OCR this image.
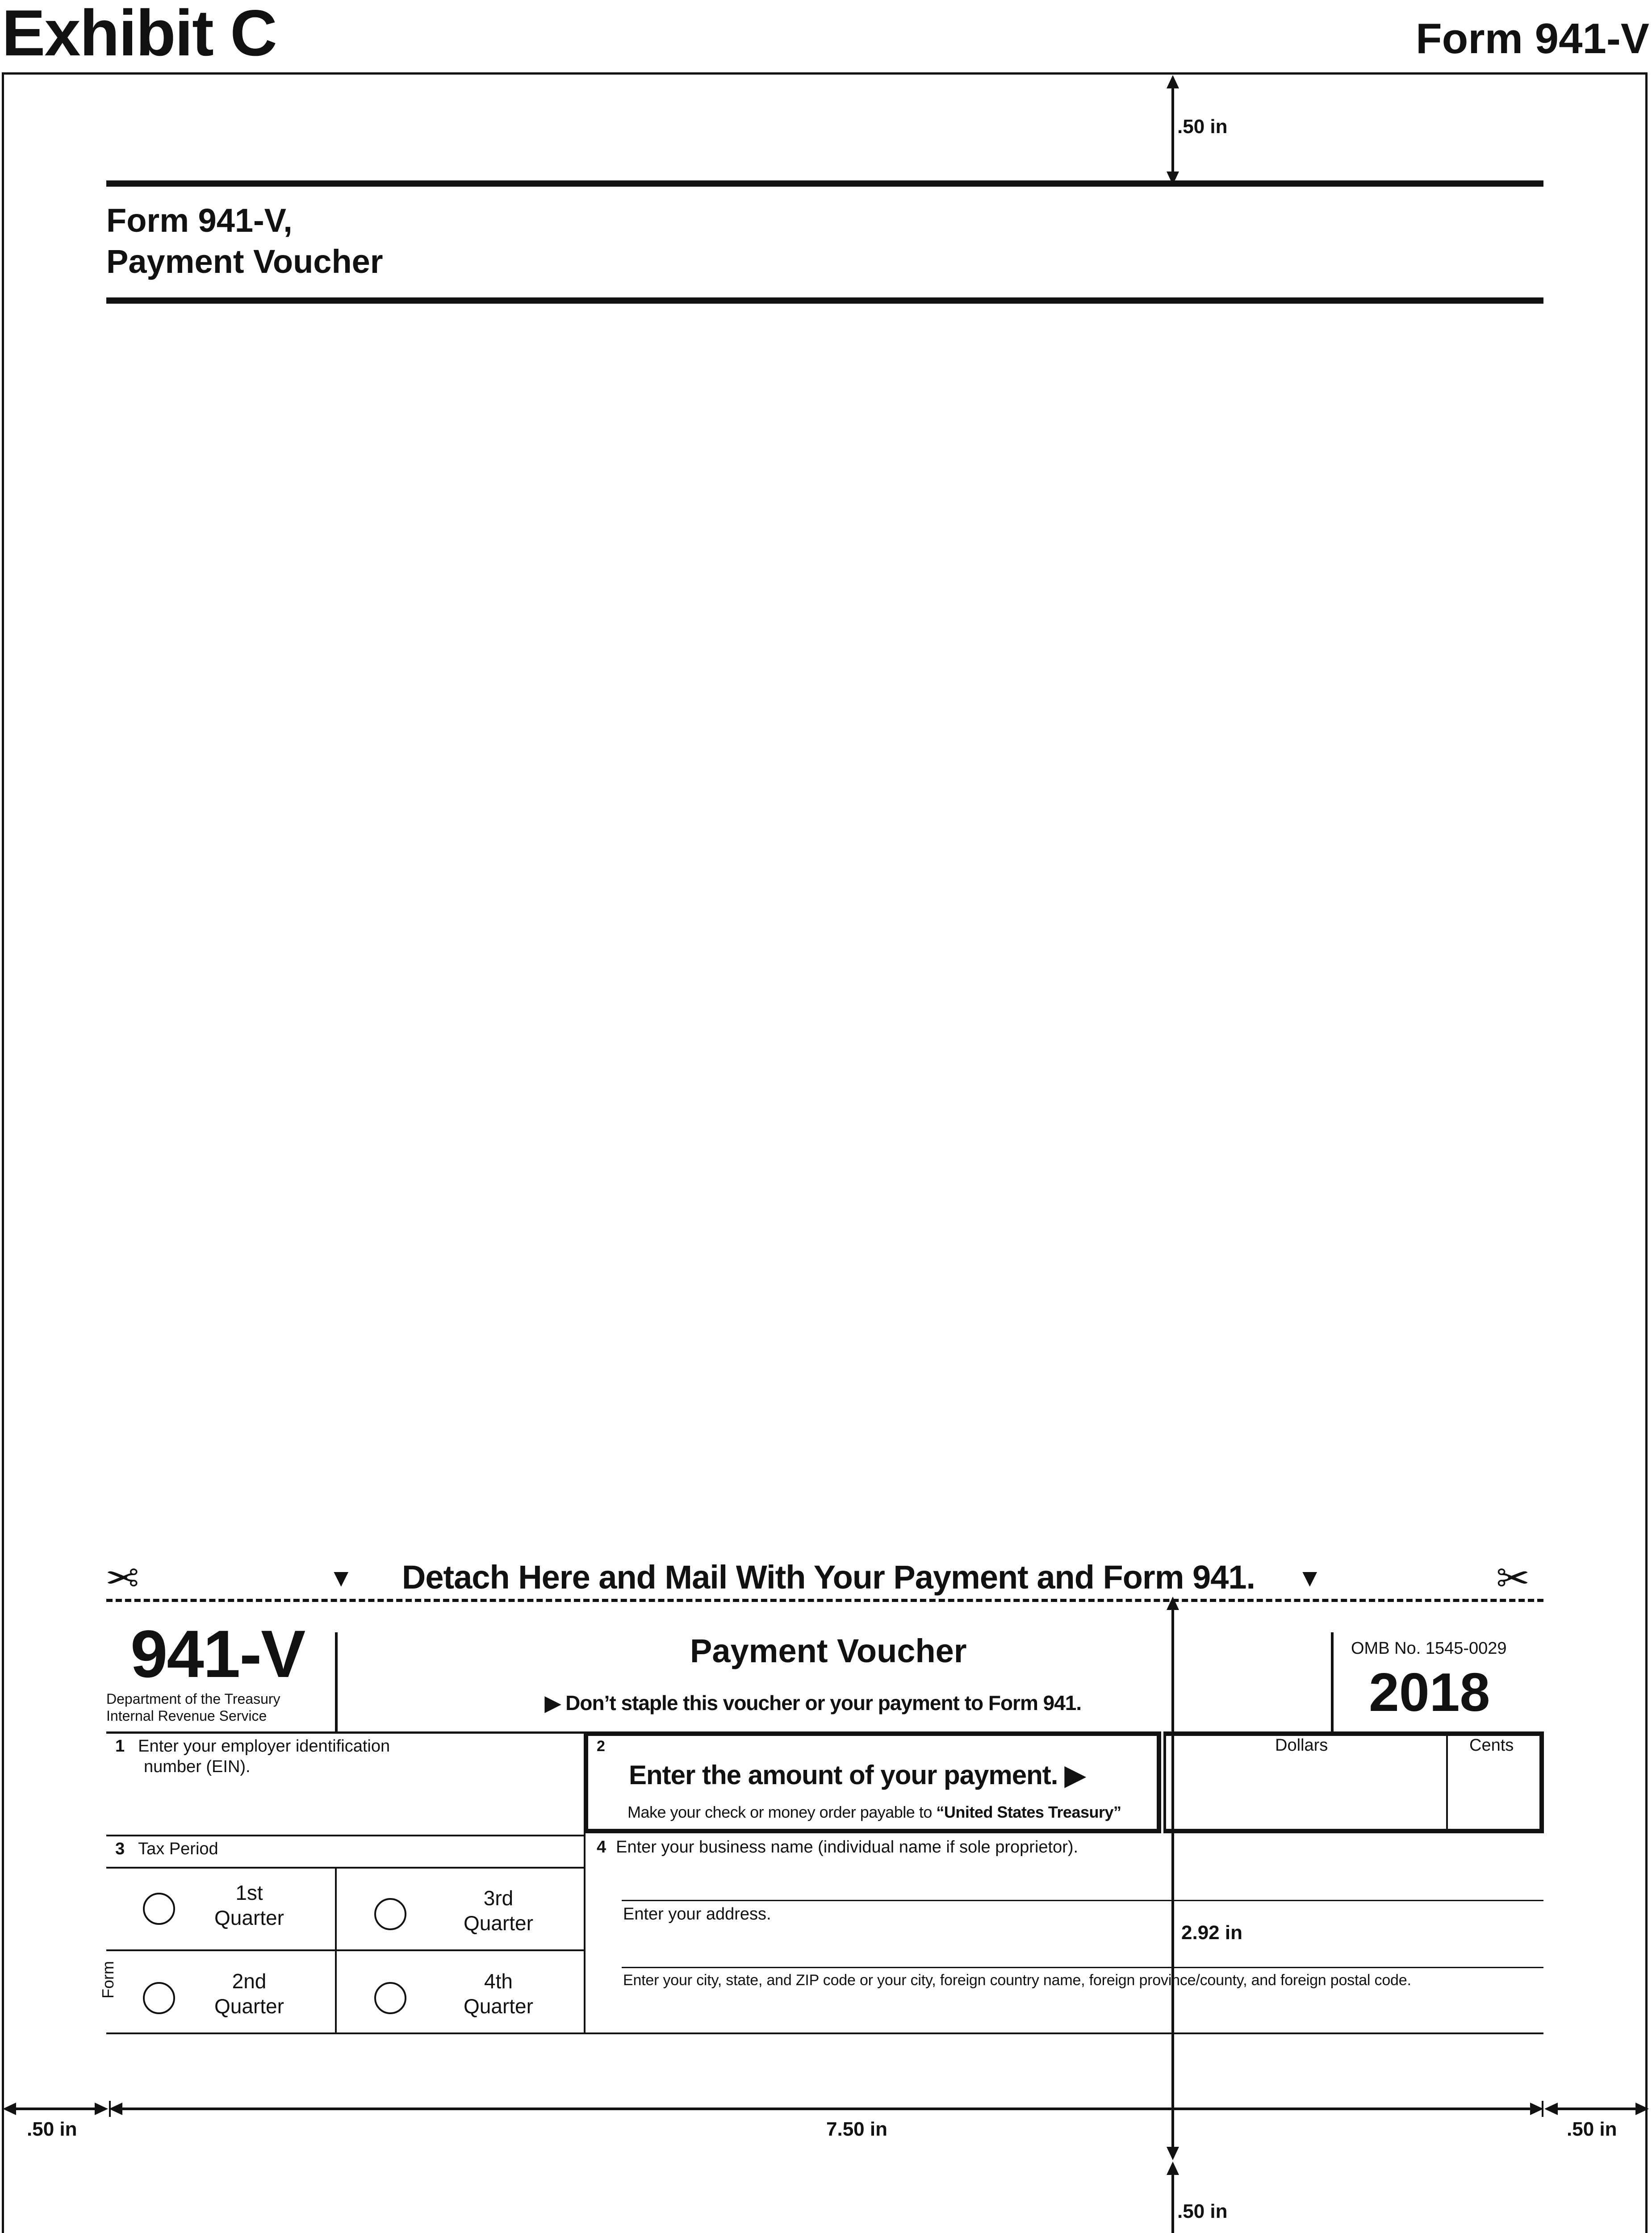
Exhibit C	Form 941-V
Form 941-V,
Payment Voucher
.50 in
✂	▼ Detach Here and Mail With Your Payment and Form 941.	▼	✂
941-V
Department of the Treasury
Internal Revenue Service
Payment Voucher
▶ Don’t staple this voucher or your payment to Form 941.
OMB No. 1545-0029
2018
1 Enter your employer identification
number (EIN).
2
Enter the amount of your payment. ▶
Make your check or money order payable to “United States Treasury”
Dollars	Cents
3 Tax Period
1st
Quarter
3rd
Quarter
2nd
Quarter
4th
Quarter
Form
4 Enter your business name (individual name if sole proprietor).
Enter your address.
Enter your city, state, and ZIP code or your city, foreign country name, foreign province/county, and foreign postal code.
2.92 in
.50 in
.50 in	7.50 in	.50 in
